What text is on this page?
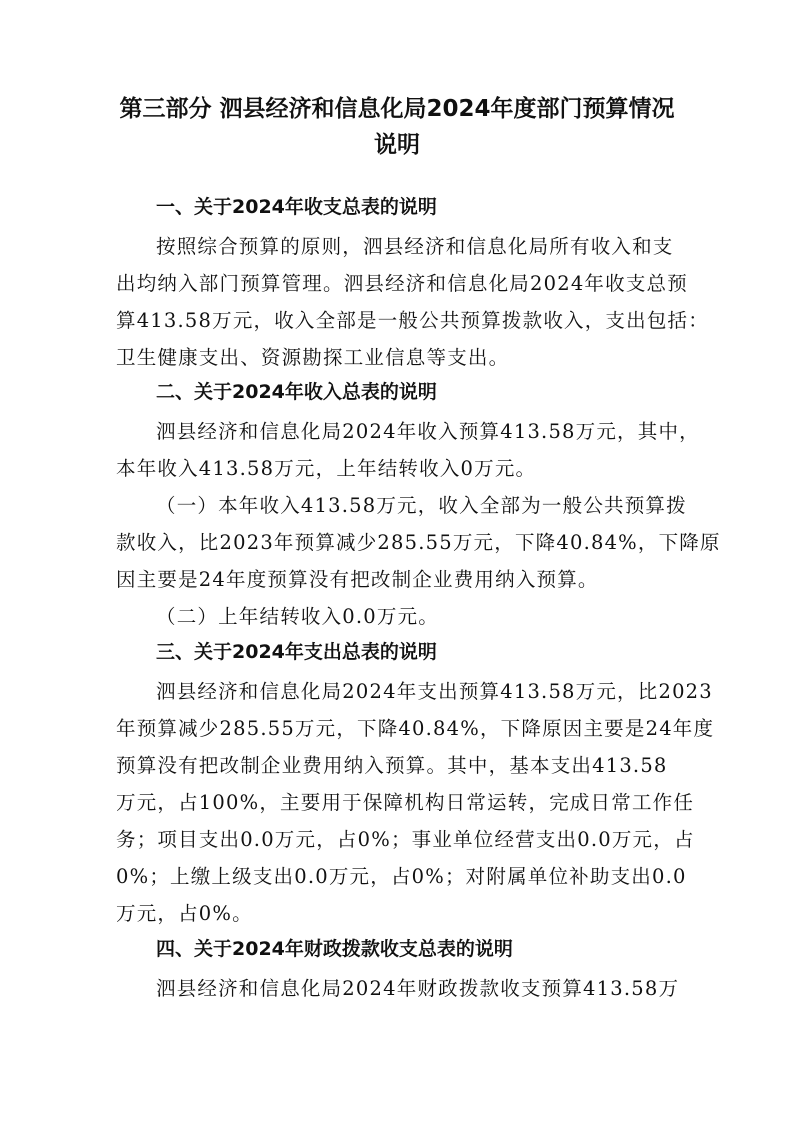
第三部分 泗县经济和信息化局2024年度部门预算情况
说明
一、关于2024年收支总表的说明
按照综合预算的原则，泗县经济和信息化局所有收入和支
出均纳入部门预算管理。泗县经济和信息化局2024年收支总预
算413.58万元，收入全部是一般公共预算拨款收入，支出包括：
卫生健康支出、资源勘探工业信息等支出。
二、关于2024年收入总表的说明
泗县经济和信息化局2024年收入预算413.58万元，其中，
本年收入413.58万元，上年结转收入0万元。
（一）本年收入413.58万元，收入全部为一般公共预算拨
款收入，比2023年预算减少285.55万元，下降40.84%，下降原
因主要是24年度预算没有把改制企业费用纳入预算。
（二）上年结转收入0.0万元。
三、关于2024年支出总表的说明
泗县经济和信息化局2024年支出预算413.58万元，比2023
年预算减少285.55万元，下降40.84%，下降原因主要是24年度
预算没有把改制企业费用纳入预算。其中，基本支出413.58
万元，占100%，主要用于保障机构日常运转，完成日常工作任
务；项目支出0.0万元，占0%；事业单位经营支出0.0万元，占
0%；上缴上级支出0.0万元，占0%；对附属单位补助支出0.0
万元，占0%。
四、关于2024年财政拨款收支总表的说明
泗县经济和信息化局2024年财政拨款收支预算413.58万
